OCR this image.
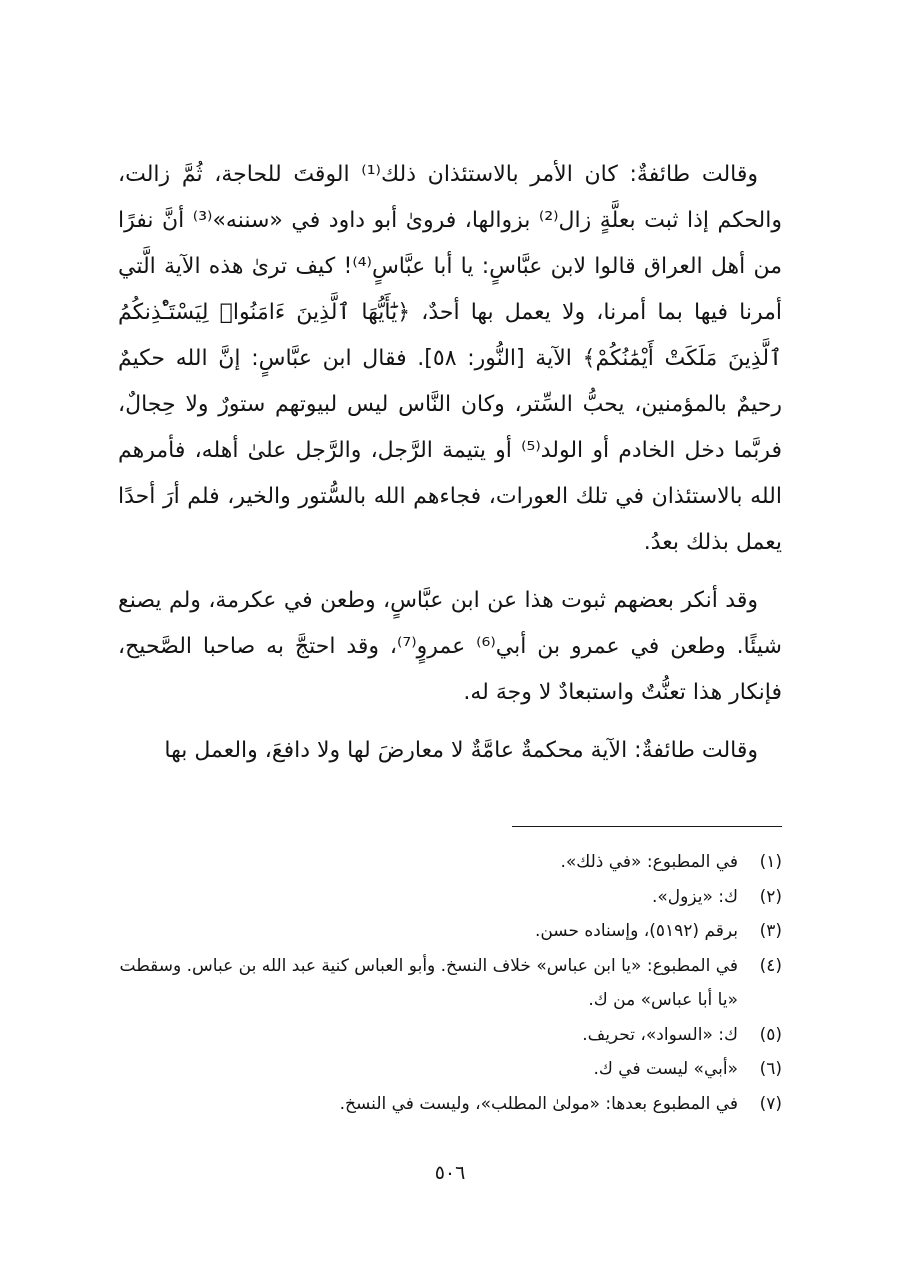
وقالت طائفةٌ: كان الأمر بالاستئذان ذلك⁽¹⁾ الوقتَ للحاجة، ثُمَّ زالت، والحكم إذا ثبت بعلَّةٍ زال⁽²⁾ بزوالها، فروىٰ أبو داود في «سننه»⁽³⁾ أنَّ نفرًا من أهل العراق قالوا لابن عبَّاسٍ: يا أبا عبَّاسٍ⁽⁴⁾! كيف ترىٰ هذه الآية الَّتي أمرنا فيها بما أمرنا، ولا يعمل بها أحدٌ، ﴿يَٰٓأَيُّهَا ٱلَّذِينَ ءَامَنُوا۟ لِيَسْتَـْٔذِنكُمُ ٱلَّذِينَ مَلَكَتْ أَيْمَٰنُكُمْ﴾ الآية [النُّور: ٥٨]. فقال ابن عبَّاسٍ: إنَّ الله حكيمٌ رحيمٌ بالمؤمنين، يحبُّ السِّتر، وكان النَّاس ليس لبيوتهم ستورٌ ولا حِجالٌ، فربَّما دخل الخادم أو الولد⁽⁵⁾ أو يتيمة الرَّجل، والرَّجل علىٰ أهله، فأمرهم الله بالاستئذان في تلك العورات، فجاءهم الله بالسُّتور والخير، فلم أرَ أحدًا يعمل بذلك بعدُ.

وقد أنكر بعضهم ثبوت هذا عن ابن عبَّاسٍ، وطعن في عكرمة، ولم يصنع شيئًا. وطعن في عمرو بن أبي⁽⁶⁾ عمروٍ⁽⁷⁾، وقد احتجَّ به صاحبا الصَّحيح، فإنكار هذا تعنُّتٌ واستبعادٌ لا وجهَ له.

وقالت طائفةٌ: الآية محكمةٌ عامَّةٌ لا معارضَ لها ولا دافعَ، والعمل بها

(١)
في المطبوع: «في ذلك».
(٢)
ك: «يزول».
(٣)
برقم (٥١٩٢)، وإسناده حسن.
(٤)
في المطبوع: «يا ابن عباس» خلاف النسخ. وأبو العباس كنية عبد الله بن عباس. وسقطت «يا أبا عباس» من ك.
(٥)
ك: «السواد»، تحريف.
(٦)
«أبي» ليست في ك.
(٧)
في المطبوع بعدها: «مولىٰ المطلب»، وليست في النسخ.
٥٠٦
